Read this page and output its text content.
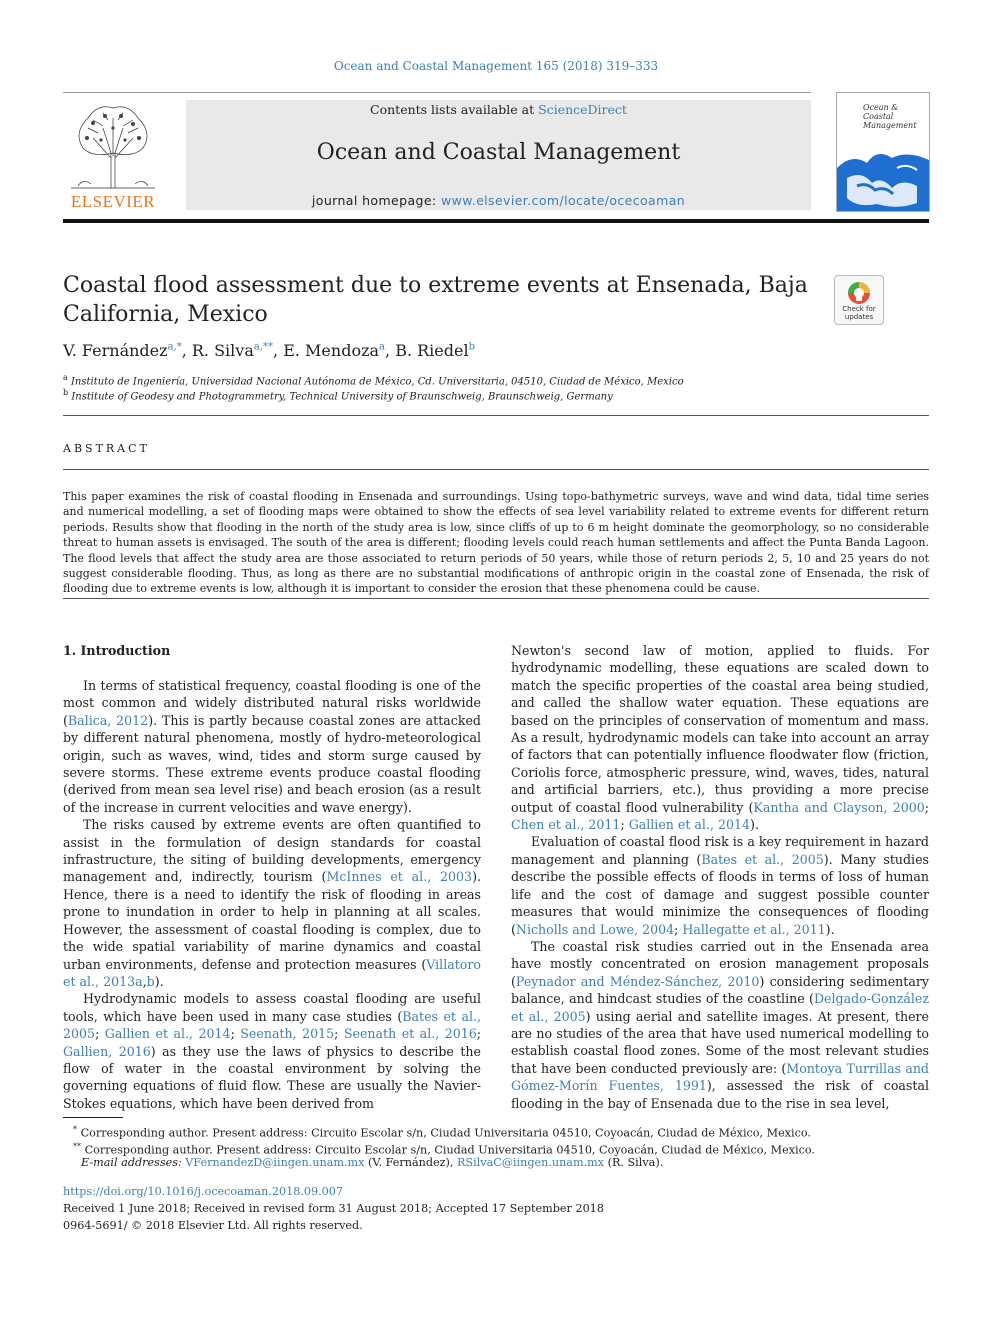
Ocean and Coastal Management 165 (2018) 319–333
ELSEVIER
Contents lists available at ScienceDirect
Ocean and Coastal Management
journal homepage: www.elsevier.com/locate/ocecoaman
Ocean &
Coastal
Management
Coastal flood assessment due to extreme events at Ensenada, Baja California, Mexico	Check for
updates
V. Fernández$^{a,*}$, R. Silva$^{a,**}$, E. Mendoza$^a$, B. Riedel$^b$
$^a$ Instituto de Ingeniería, Universidad Nacional Autónoma de México, Cd. Universitaria, 04510, Ciudad de México, Mexico
$^b$ Institute of Geodesy and Photogrammetry, Technical University of Braunschweig, Braunschweig, Germany
ABSTRACT
This paper examines the risk of coastal flooding in Ensenada and surroundings. Using topo-bathymetric surveys, wave and wind data, tidal time series and numerical modelling, a set of flooding maps were obtained to show the effects of sea level variability related to extreme events for different return periods. Results show that flooding in the north of the study area is low, since cliffs of up to 6 m height dominate the geomorphology, so no considerable threat to human assets is envisaged. The south of the area is different; flooding levels could reach human settlements and affect the Punta Banda Lagoon. The flood levels that affect the study area are those associated to return periods of 50 years, while those of return periods 2, 5, 10 and 25 years do not suggest considerable flooding. Thus, as long as there are no substantial modifications of anthropic origin in the coastal zone of Ensenada, the risk of flooding due to extreme events is low, although it is important to consider the erosion that these phenomena could be cause.
1. Introduction

In terms of statistical frequency, coastal flooding is one of the most common and widely distributed natural risks worldwide (Balica, 2012). This is partly because coastal zones are attacked by different natural phenomena, mostly of hydro-meteorological origin, such as waves, wind, tides and storm surge caused by severe storms. These extreme events produce coastal flooding (derived from mean sea level rise) and beach erosion (as a result of the increase in current velocities and wave energy).

The risks caused by extreme events are often quantified to assist in the formulation of design standards for coastal infrastructure, the siting of building developments, emergency management and, indirectly, tourism (McInnes et al., 2003). Hence, there is a need to identify the risk of flooding in areas prone to inundation in order to help in planning at all scales. However, the assessment of coastal flooding is complex, due to the wide spatial variability of marine dynamics and coastal urban environments, defense and protection measures (Villatoro et al., 2013a,b).

Hydrodynamic models to assess coastal flooding are useful tools, which have been used in many case studies (Bates et al., 2005; Gallien et al., 2014; Seenath, 2015; Seenath et al., 2016; Gallien, 2016) as they use the laws of physics to describe the flow of water in the coastal environment by solving the governing equations of fluid flow. These are usually the Navier-Stokes equations, which have been derived from

Newton's second law of motion, applied to fluids. For hydrodynamic modelling, these equations are scaled down to match the specific properties of the coastal area being studied, and called the shallow water equation. These equations are based on the principles of conservation of momentum and mass. As a result, hydrodynamic models can take into account an array of factors that can potentially influence floodwater flow (friction, Coriolis force, atmospheric pressure, wind, waves, tides, natural and artificial barriers, etc.), thus providing a more precise output of coastal flood vulnerability (Kantha and Clayson, 2000; Chen et al., 2011; Gallien et al., 2014).

Evaluation of coastal flood risk is a key requirement in hazard management and planning (Bates et al., 2005). Many studies describe the possible effects of floods in terms of loss of human life and the cost of damage and suggest possible counter measures that would minimize the consequences of flooding (Nicholls and Lowe, 2004; Hallegatte et al., 2011).

The coastal risk studies carried out in the Ensenada area have mostly concentrated on erosion management proposals (Peynador and Méndez-Sánchez, 2010) considering sedimentary balance, and hindcast studies of the coastline (Delgado-González et al., 2005) using aerial and satellite images. At present, there are no studies of the area that have used numerical modelling to establish coastal flood zones. Some of the most relevant studies that have been conducted previously are: (Montoya Turrillas and Gómez-Morín Fuentes, 1991), assessed the risk of coastal flooding in the bay of Ensenada due to the rise in sea level,

* Corresponding author. Present address: Circuito Escolar s/n, Ciudad Universitaria 04510, Coyoacán, Ciudad de México, Mexico.
** Corresponding author. Present address: Circuito Escolar s/n, Ciudad Universitaria 04510, Coyoacán, Ciudad de México, Mexico.
E-mail addresses: VFernandezD@iingen.unam.mx (V. Fernández), RSilvaC@iingen.unam.mx (R. Silva).
https://doi.org/10.1016/j.ocecoaman.2018.09.007
Received 1 June 2018; Received in revised form 31 August 2018; Accepted 17 September 2018
0964-5691/ © 2018 Elsevier Ltd. All rights reserved.
